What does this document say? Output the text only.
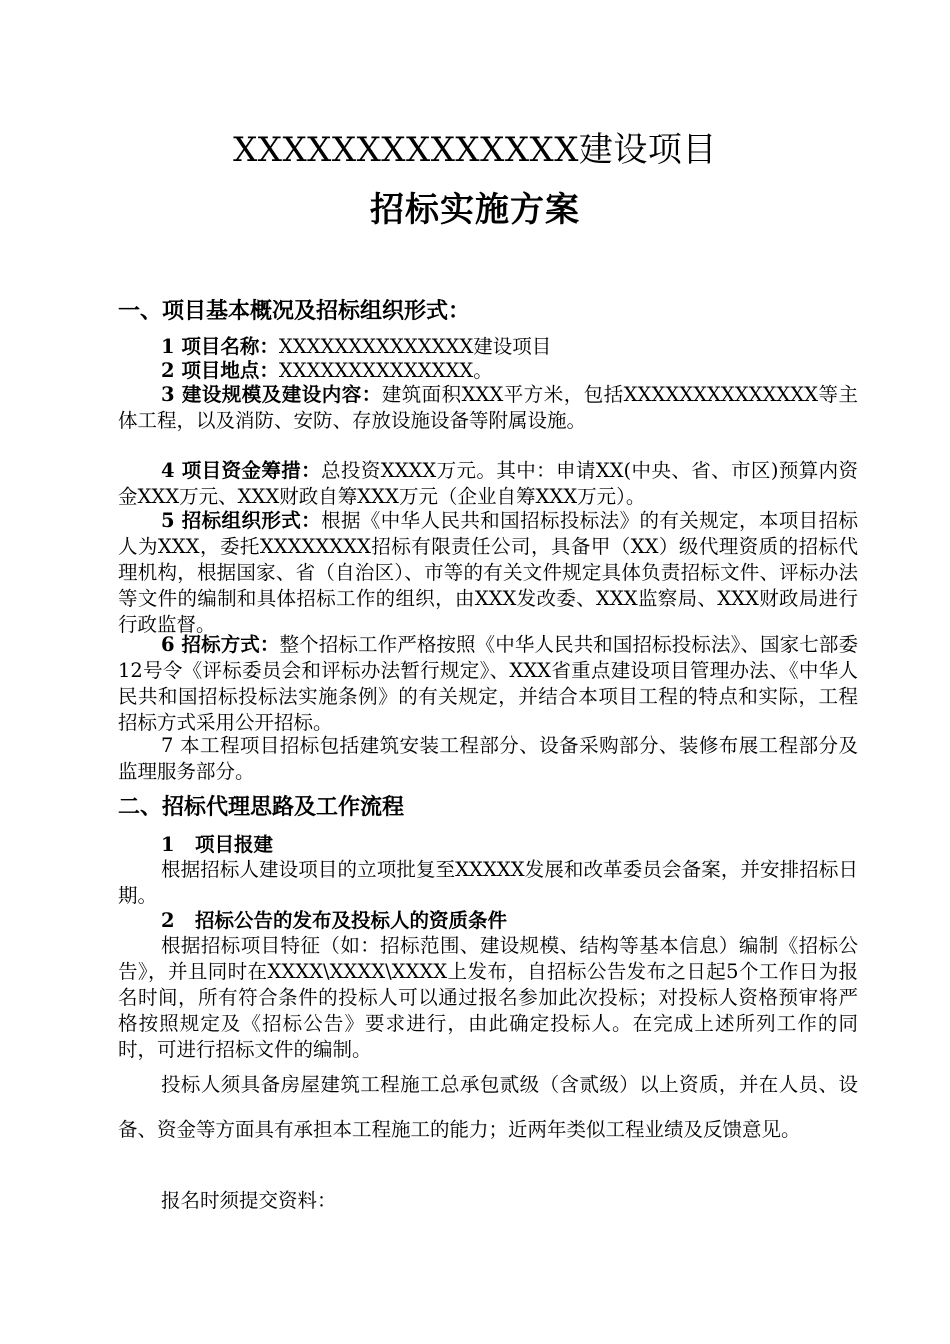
XXXXXXXXXXXXXX建设项目
招标实施方案
一、项目基本概况及招标组织形式：

1 项目名称：XXXXXXXXXXXXXX建设项目

2 项目地点：XXXXXXXXXXXXXX。

3 建设规模及建设内容：建筑面积XXX平方米，包括XXXXXXXXXXXXXX等主体工程，以及消防、安防、存放设施设备等附属设施。

4 项目资金筹措：总投资XXXX万元。其中：申请XX(中央、省、市区)预算内资金XXX万元、XXX财政自筹XXX万元（企业自筹XXX万元）。

5 招标组织形式：根据《中华人民共和国招标投标法》的有关规定，本项目招标人为XXX，委托XXXXXXXX招标有限责任公司，具备甲（XX）级代理资质的招标代理机构，根据国家、省（自治区）、市等的有关文件规定具体负责招标文件、评标办法等文件的编制和具体招标工作的组织，由XXX发改委、XXX监察局、XXX财政局进行行政监督。

6 招标方式：整个招标工作严格按照《中华人民共和国招标投标法》、国家七部委12号令《评标委员会和评标办法暂行规定》、XXX省重点建设项目管理办法、《中华人民共和国招标投标法实施条例》的有关规定，并结合本项目工程的特点和实际，工程招标方式采用公开招标。

7 本工程项目招标包括建筑安装工程部分、设备采购部分、装修布展工程部分及监理服务部分。

二、招标代理思路及工作流程
1 项目报建

根据招标人建设项目的立项批复至XXXXX发展和改革委员会备案，并安排招标日期。

2 招标公告的发布及投标人的资质条件

根据招标项目特征（如：招标范围、建设规模、结构等基本信息）编制《招标公告》，并且同时在XXXX\XXXX\XXXX上发布，自招标公告发布之日起5个工作日为报名时间，所有符合条件的投标人可以通过报名参加此次投标；对投标人资格预审将严格按照规定及《招标公告》要求进行，由此确定投标人。在完成上述所列工作的同时，可进行招标文件的编制。

投标人须具备房屋建筑工程施工总承包贰级（含贰级）以上资质，并在人员、设备、资金等方面具有承担本工程施工的能力；近两年类似工程业绩及反馈意见。

报名时须提交资料：
